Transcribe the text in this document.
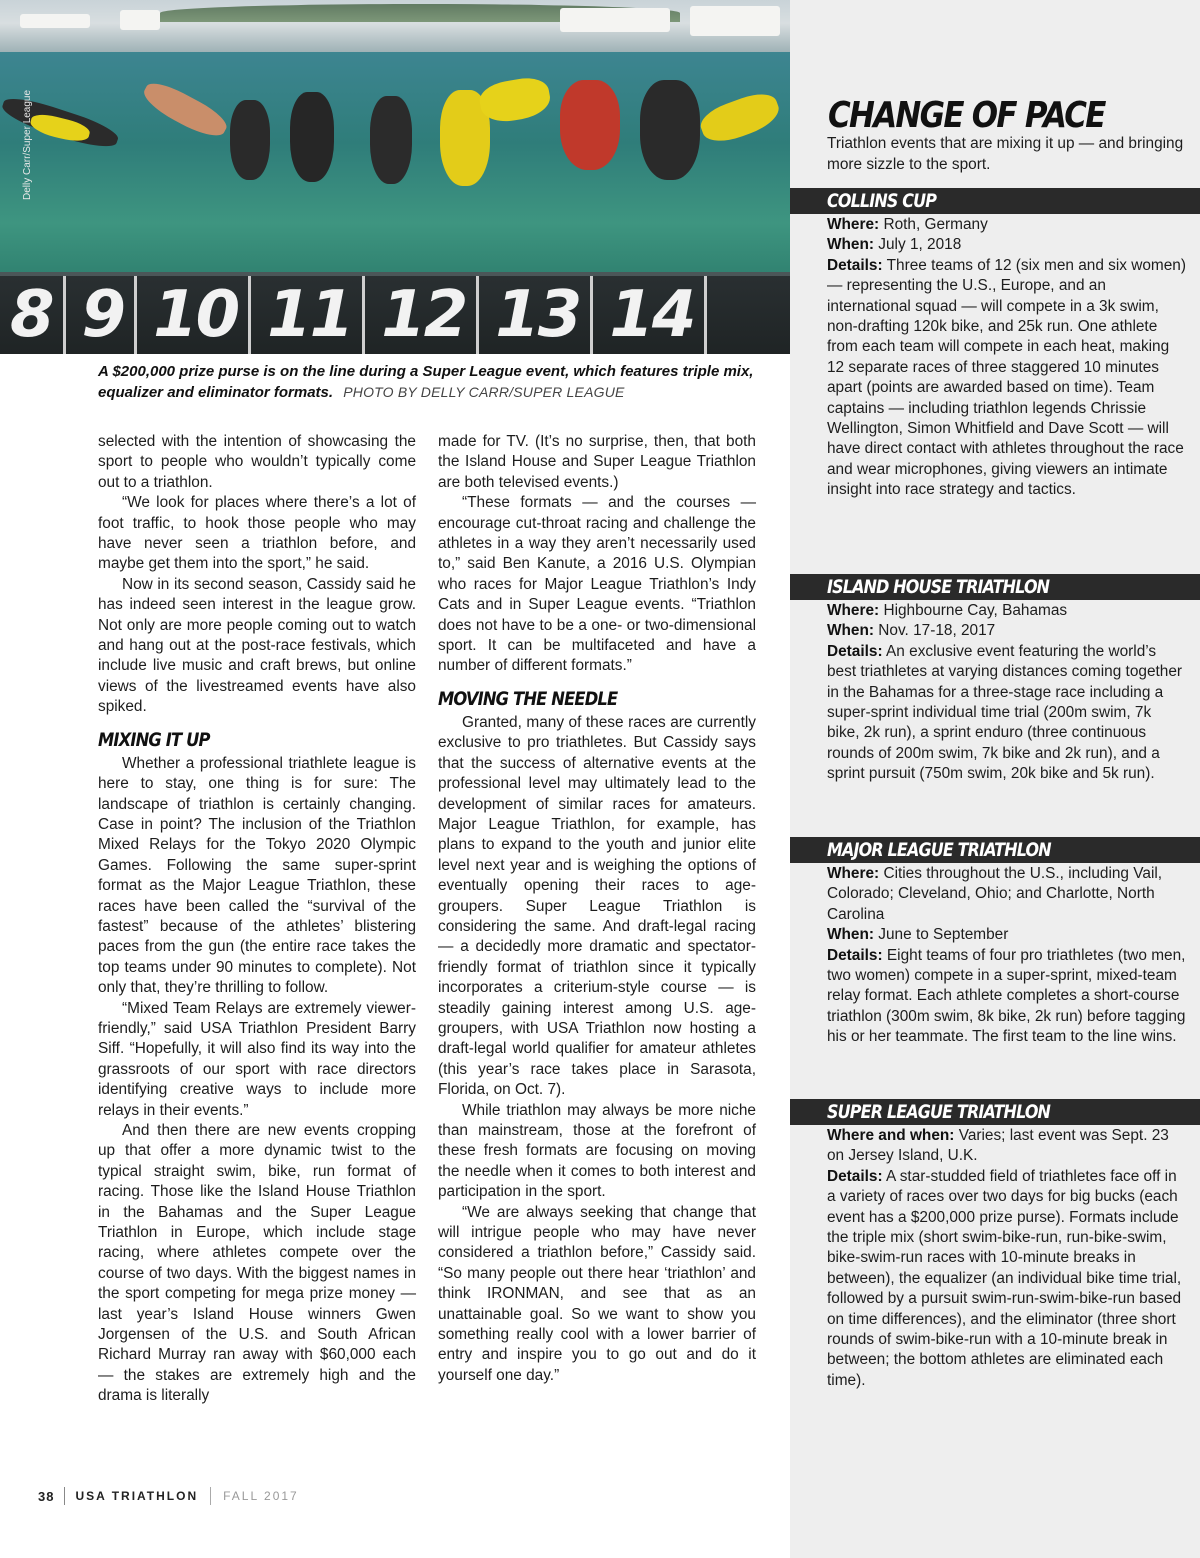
8 9 10 11 12 13 14
Delly Carr/Super League
A $200,000 prize purse is on the line during a Super League event, which features triple mix, equalizer and eliminator formats. PHOTO BY DELLY CARR/SUPER LEAGUE

selected with the intention of showcasing the sport to people who wouldn’t typically come out to a triathlon.

“We look for places where there’s a lot of foot traffic, to hook those people who may have never seen a triathlon before, and maybe get them into the sport,” he said.

Now in its second season, Cassidy said he has indeed seen interest in the league grow. Not only are more people coming out to watch and hang out at the post-race festivals, which include live music and craft brews, but online views of the livestreamed events have also spiked.

MIXING IT UP

Whether a professional triathlete league is here to stay, one thing is for sure: The landscape of triathlon is certainly changing. Case in point? The inclusion of the Triathlon Mixed Relays for the Tokyo 2020 Olympic Games. Following the same super-sprint format as the Major League Triathlon, these races have been called the “survival of the fastest” because of the athletes’ blistering paces from the gun (the entire race takes the top teams under 90 minutes to complete). Not only that, they’re thrilling to follow.

“Mixed Team Relays are extremely viewer-friendly,” said USA Triathlon President Barry Siff. “Hopefully, it will also find its way into the grassroots of our sport with race directors identifying creative ways to include more relays in their events.”

And then there are new events cropping up that offer a more dynamic twist to the typical straight swim, bike, run format of racing. Those like the Island House Triathlon in the Bahamas and the Super League Triathlon in Europe, which include stage racing, where athletes compete over the course of two days. With the biggest names in the sport competing for mega prize money — last year’s Island House winners Gwen Jorgensen of the U.S. and South African Richard Murray ran away with $60,000 each — the stakes are extremely high and the drama is literally

made for TV. (It’s no surprise, then, that both the Island House and Super League Triathlon are both televised events.)

“These formats — and the courses — encourage cut-throat racing and challenge the athletes in a way they aren’t necessarily used to,” said Ben Kanute, a 2016 U.S. Olympian who races for Major League Triathlon’s Indy Cats and in Super League events. “Triathlon does not have to be a one- or two-dimensional sport. It can be multifaceted and have a number of different formats.”

MOVING THE NEEDLE

Granted, many of these races are currently exclusive to pro triathletes. But Cassidy says that the success of alternative events at the professional level may ultimately lead to the development of similar races for amateurs. Major League Triathlon, for example, has plans to expand to the youth and junior elite level next year and is weighing the options of eventually opening their races to age-groupers. Super League Triathlon is considering the same. And draft-legal racing — a decidedly more dramatic and spectator-friendly format of triathlon since it typically incorporates a criterium-style course — is steadily gaining interest among U.S. age-groupers, with USA Triathlon now hosting a draft-legal world qualifier for amateur athletes (this year’s race takes place in Sarasota, Florida, on Oct. 7).

While triathlon may always be more niche than mainstream, those at the forefront of these fresh formats are focusing on moving the needle when it comes to both interest and participation in the sport.

“We are always seeking that change that will intrigue people who may have never considered a triathlon before,” Cassidy said. “So many people out there hear ‘triathlon’ and think IRONMAN, and see that as an unattainable goal. So we want to show you something really cool with a lower barrier of entry and inspire you to go out and do it yourself one day.”

CHANGE OF PACE
Triathlon events that are mixing it up — and bringing more sizzle to the sport.
COLLINS CUP
Where: Roth, Germany
When: July 1, 2018
Details: Three teams of 12 (six men and six women) — representing the U.S., Europe, and an international squad — will compete in a 3k swim, non-drafting 120k bike, and 25k run. One athlete from each team will compete in each heat, making 12 separate races of three staggered 10 minutes apart (points are awarded based on time). Team captains — including triathlon legends Chrissie Wellington, Simon Whitfield and Dave Scott — will have direct contact with athletes throughout the race and wear microphones, giving viewers an intimate insight into race strategy and tactics.
ISLAND HOUSE TRIATHLON
Where: Highbourne Cay, Bahamas
When: Nov. 17-18, 2017
Details: An exclusive event featuring the world’s best triathletes at varying distances coming together in the Bahamas for a three-stage race including a super-sprint individual time trial (200m swim, 7k bike, 2k run), a sprint enduro (three continuous rounds of 200m swim, 7k bike and 2k run), and a sprint pursuit (750m swim, 20k bike and 5k run).
MAJOR LEAGUE TRIATHLON
Where: Cities throughout the U.S., including Vail, Colorado; Cleveland, Ohio; and Charlotte, North Carolina
When: June to September
Details: Eight teams of four pro triathletes (two men, two women) compete in a super-sprint, mixed-team relay format. Each athlete completes a short-course triathlon (300m swim, 8k bike, 2k run) before tagging his or her teammate. The first team to the line wins.
SUPER LEAGUE TRIATHLON
Where and when: Varies; last event was Sept. 23 on Jersey Island, U.K.
Details: A star-studded field of triathletes face off in a variety of races over two days for big bucks (each event has a $200,000 prize purse). Formats include the triple mix (short swim-bike-run, run-bike-swim, bike-swim-run races with 10-minute breaks in between), the equalizer (an individual bike time trial, followed by a pursuit swim-run-swim-bike-run based on time differences), and the eliminator (three short rounds of swim-bike-run with a 10-minute break in between; the bottom athletes are eliminated each time).
38 USA TRIATHLON FALL 2017
